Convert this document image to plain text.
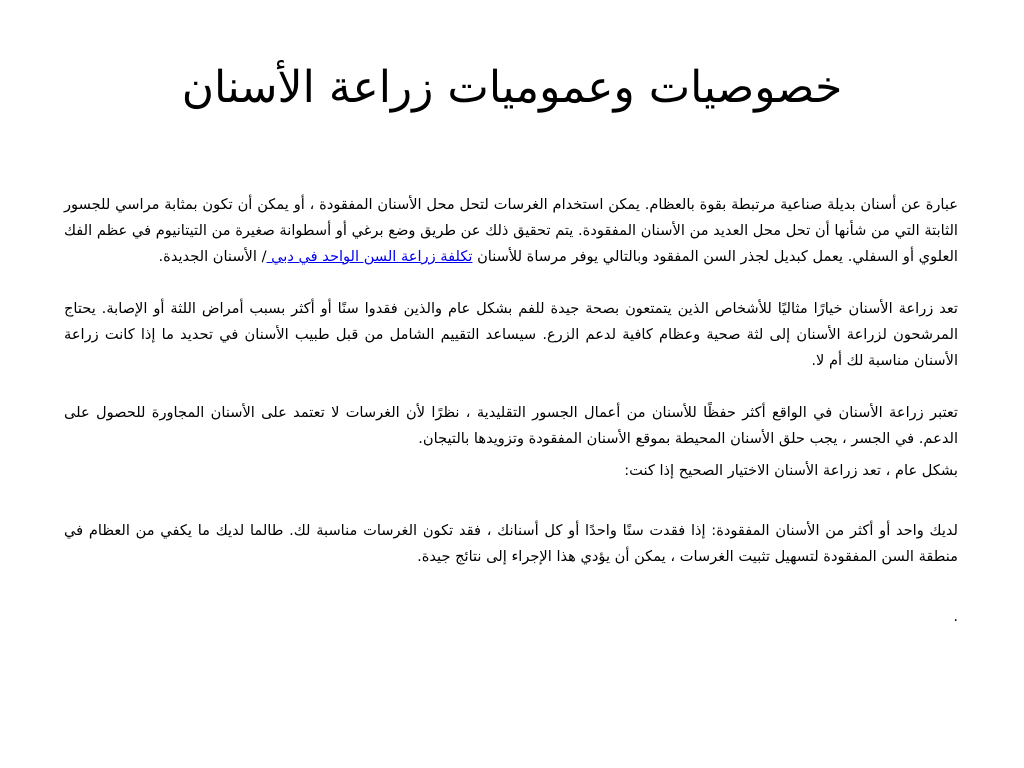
خصوصيات وعموميات زراعة الأسنان

عبارة عن أسنان بديلة صناعية مرتبطة بقوة بالعظام. يمكن استخدام الغرسات لتحل محل الأسنان المفقودة ، أو يمكن أن تكون بمثابة مراسي للجسور الثابتة التي من شأنها أن تحل محل العديد من الأسنان المفقودة. يتم تحقيق ذلك عن طريق وضع برغي أو أسطوانة صغيرة من التيتانيوم في عظم الفك العلوي أو السفلي. يعمل كبديل لجذر السن المفقود وبالتالي يوفر مرساة للأسنان تكلفة زراعة السن الواحد في دبي / الأسنان الجديدة.

تعد زراعة الأسنان خيارًا مثاليًا للأشخاص الذين يتمتعون بصحة جيدة للفم بشكل عام والذين فقدوا سنًا أو أكثر بسبب أمراض اللثة أو الإصابة. يحتاج المرشحون لزراعة الأسنان إلى لثة صحية وعظام كافية لدعم الزرع. سيساعد التقييم الشامل من قبل طبيب الأسنان في تحديد ما إذا كانت زراعة الأسنان مناسبة لك أم لا.

تعتبر زراعة الأسنان في الواقع أكثر حفظًا للأسنان من أعمال الجسور التقليدية ، نظرًا لأن الغرسات لا تعتمد على الأسنان المجاورة للحصول على الدعم. في الجسر ، يجب حلق الأسنان المحيطة بموقع الأسنان المفقودة وتزويدها بالتيجان.

بشكل عام ، تعد زراعة الأسنان الاختيار الصحيح إذا كنت:

لديك واحد أو أكثر من الأسنان المفقودة: إذا فقدت سنًا واحدًا أو كل أسنانك ، فقد تكون الغرسات مناسبة لك. طالما لديك ما يكفي من العظام في منطقة السن المفقودة لتسهيل تثبيت الغرسات ، يمكن أن يؤدي هذا الإجراء إلى نتائج جيدة.

.
